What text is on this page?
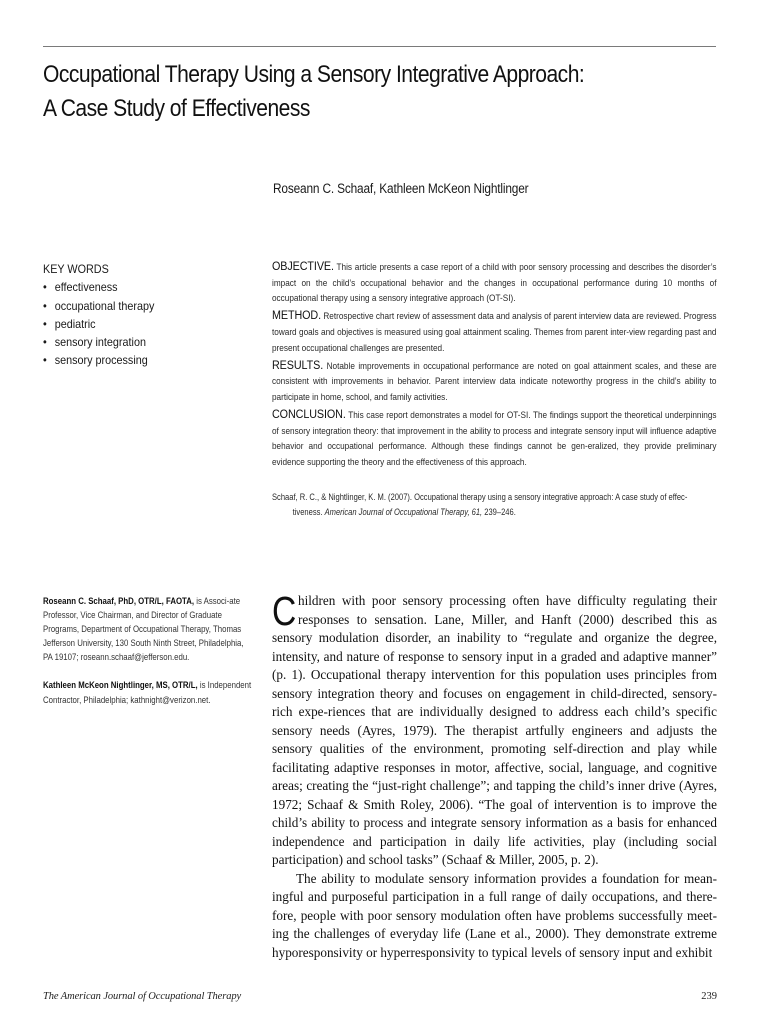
Occupational Therapy Using a Sensory Integrative Approach:
A Case Study of Effectiveness
Roseann C. Schaaf, Kathleen McKeon Nightlinger
KEY WORDS
• effectiveness
• occupational therapy
• pediatric
• sensory integration
• sensory processing

OBJECTIVE. This article presents a case report of a child with poor sensory processing and describes the disorder’s impact on the child’s occupational behavior and the changes in occupational performance during 10 months of occupational therapy using a sensory integrative approach (OT-SI).

METHOD. Retrospective chart review of assessment data and analysis of parent interview data are reviewed. Progress toward goals and objectives is measured using goal attainment scaling. Themes from parent inter-view regarding past and present occupational challenges are presented.

RESULTS. Notable improvements in occupational performance are noted on goal attainment scales, and these are consistent with improvements in behavior. Parent interview data indicate noteworthy progress in the child’s ability to participate in home, school, and family activities.

CONCLUSION. This case report demonstrates a model for OT-SI. The findings support the theoretical underpinnings of sensory integration theory: that improvement in the ability to process and integrate sensory input will influence adaptive behavior and occupational performance. Although these findings cannot be gen-eralized, they provide preliminary evidence supporting the theory and the effectiveness of this approach.

Schaaf, R. C., & Nightlinger, K. M. (2007). Occupational therapy using a sensory integrative approach: A case study of effec-tiveness. American Journal of Occupational Therapy, 61, 239–246.

Roseann C. Schaaf, PhD, OTR/L, FAOTA, is Associ-ate Professor, Vice Chairman, and Director of Graduate Programs, Department of Occupational Therapy, Thomas Jefferson University, 130 South Ninth Street, Philadelphia, PA 19107; roseann.schaaf@jefferson.edu.

Kathleen McKeon Nightlinger, MS, OTR/L, is Independent Contractor, Philadelphia; kathnight@verizon.net.

Children with poor sensory processing often have difficulty regulating their responses to sensation. Lane, Miller, and Hanft (2000) described this as sensory modulation disorder, an inability to “regulate and organize the degree, intensity, and nature of response to sensory input in a graded and adaptive manner” (p. 1). Occupational therapy intervention for this population uses principles from sensory integration theory and focuses on engagement in child-directed, sensory-rich expe-riences that are individually designed to address each child’s specific sensory needs (Ayres, 1979). The therapist artfully engineers and adjusts the sensory qualities of the environment, promoting self-direction and play while facilitating adaptive responses in motor, affective, social, language, and cognitive areas; creating the “just-right challenge”; and tapping the child’s inner drive (Ayres, 1972; Schaaf & Smith Roley, 2006). “The goal of intervention is to improve the child’s ability to process and integrate sensory information as a basis for enhanced independence and participation in daily life activities, play (including social participation) and school tasks” (Schaaf & Miller, 2005, p. 2).

The ability to modulate sensory information provides a foundation for mean-ingful and purposeful participation in a full range of daily occupations, and there-fore, people with poor sensory modulation often have problems successfully meet-ing the challenges of everyday life (Lane et al., 2000). They demonstrate extreme hyporesponsivity or hyperresponsivity to typical levels of sensory input and exhibit

The American Journal of Occupational Therapy	239
